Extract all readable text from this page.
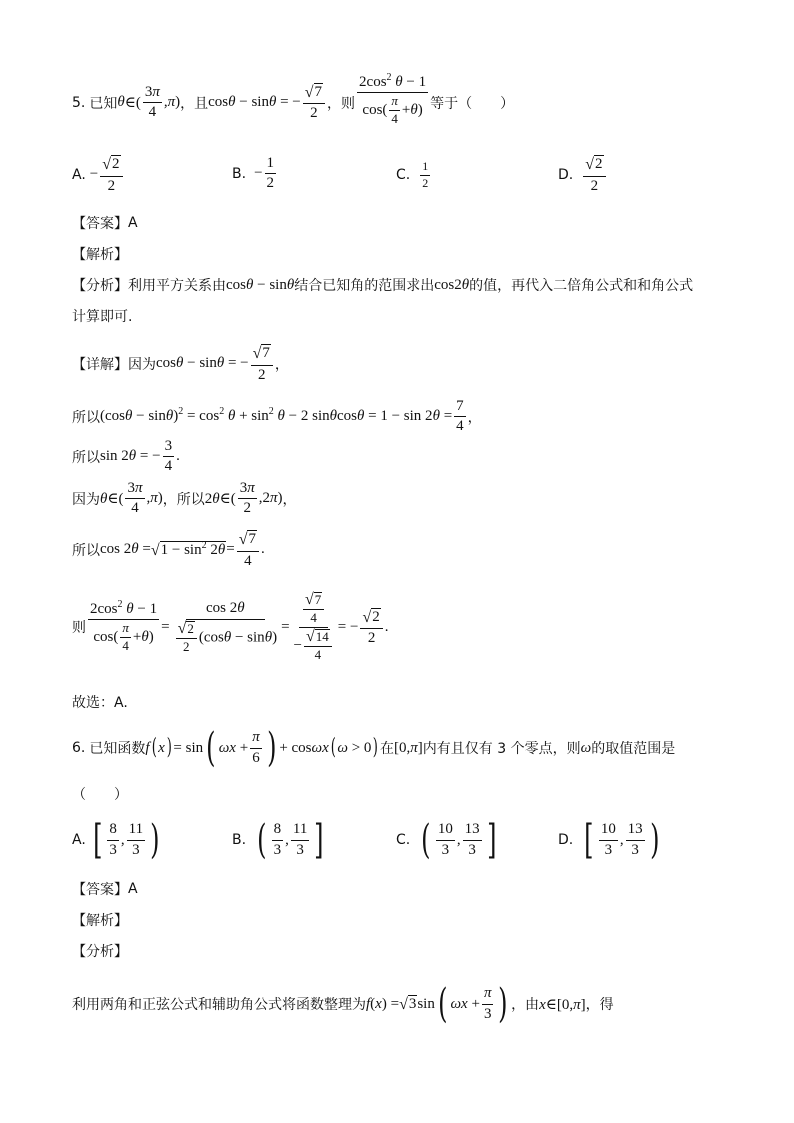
5. 已知 θ ∈( $\frac{3\pi}{4} ,\pi$) ，且 cosθ − sinθ = − $\frac{√ 7}{2}$ ，则 $\frac{2\cos^2 \theta - 1}{\cos( \frac{\pi}{4} +\theta)}$ 等于（　　）
A. − $\frac{√ 2}{2}$	B. − $\frac{1}{2}$	C. $\frac{1}{2}$	D. $\frac{√ 2}{2}$
【答案】 A
【解析】
【分析】 利用平方关系由 cosθ − sinθ 结合已知角的范围求出 cos2θ 的值，再代入二倍角公式和和角公式
计算即可.
【详解】 因为 cosθ − sinθ = − $\frac{√ 7}{2}$ ，
所以 $(\cos\theta - \sin\theta)^2 = \cos^2 \theta + \sin^2 \theta - 2$ $\sin\theta\cos\theta = 1 - \sin 2\theta = \frac{7}{4}$ ，
所以 sin 2θ = − $\frac{3}{4}$ .
因为 θ∈( $\frac{3\pi}{4} ,\pi$) ，所以 2θ∈( $\frac{3\pi}{2} ,2\pi$) ，
所以 cos 2θ = √ $1 - \sin^2 2\theta = \frac{√ 7}{4}$ .
则 $\frac{2\cos^2 \theta - 1}{\cos( \frac{\pi}{4} +\theta)} = \frac{\cos 2\theta}{\frac{√ 2}{2} (\cos\theta - \sin\theta)} = \frac{\frac{√ 7}{4}}{- \frac{√ 14}{4}}$ = − $\frac{√ 2}{2}$ .
故选：A.
6. 已知函数 f ( x ) = sin ( $\omega x + \frac{\pi}{6}$ ) + cosωx ( ω > 0 ) 在 [0,π] 内有且仅有 3 个零点，则 ω 的取值范围是
（　　）
A. [ $\frac{8}{3}$ , $\frac{11}{3}$ )	B. ( $\frac{8}{3}$ , $\frac{11}{3}$ ]	C. ( $\frac{10}{3}$ , $\frac{13}{3}$ ]	D. [ $\frac{10}{3}$ , $\frac{13}{3}$ )
【答案】 A
【解析】
【分析】
利用两角和正弦公式和辅助角公式将函数整理为 f(x) = √ 3 sin ( $\omega x + \frac{\pi}{3}$ ) ，由 x∈[0,π] ，得
